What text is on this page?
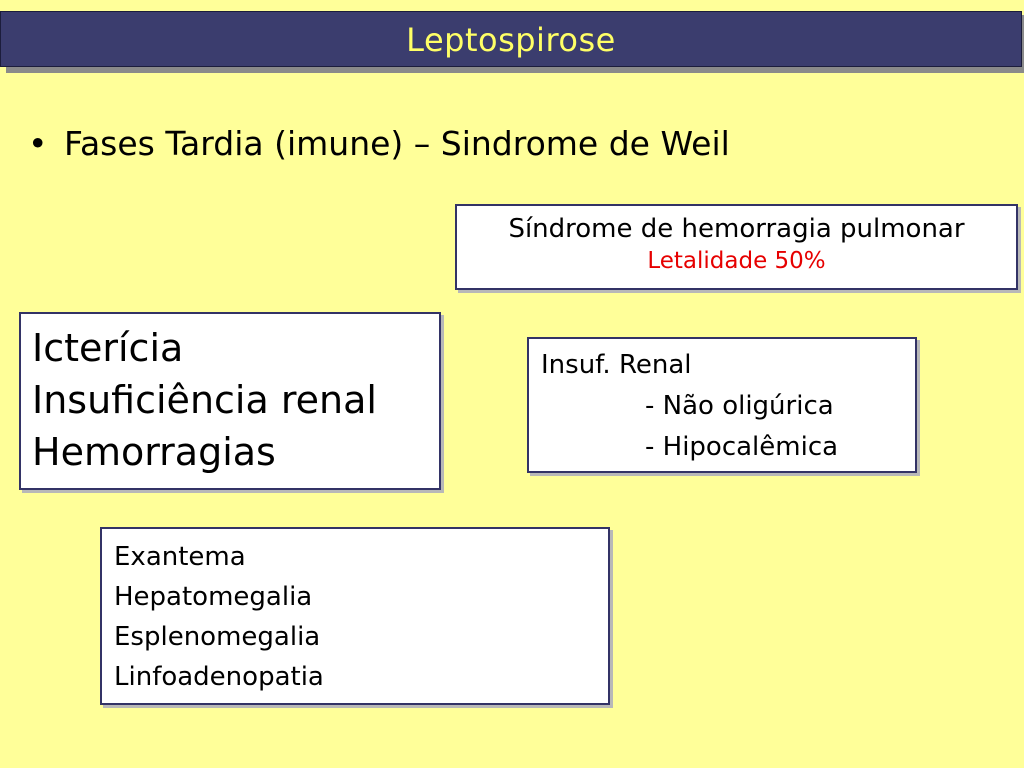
Leptospirose
• Fases Tardia (imune) – Sindrome de Weil
Síndrome de hemorragia pulmonar
Letalidade 50%
Icterícia
Insuficiência renal
Hemorragias
Insuf. Renal
- Não oligúrica
- Hipocalêmica
Exantema
Hepatomegalia
Esplenomegalia
Linfoadenopatia
